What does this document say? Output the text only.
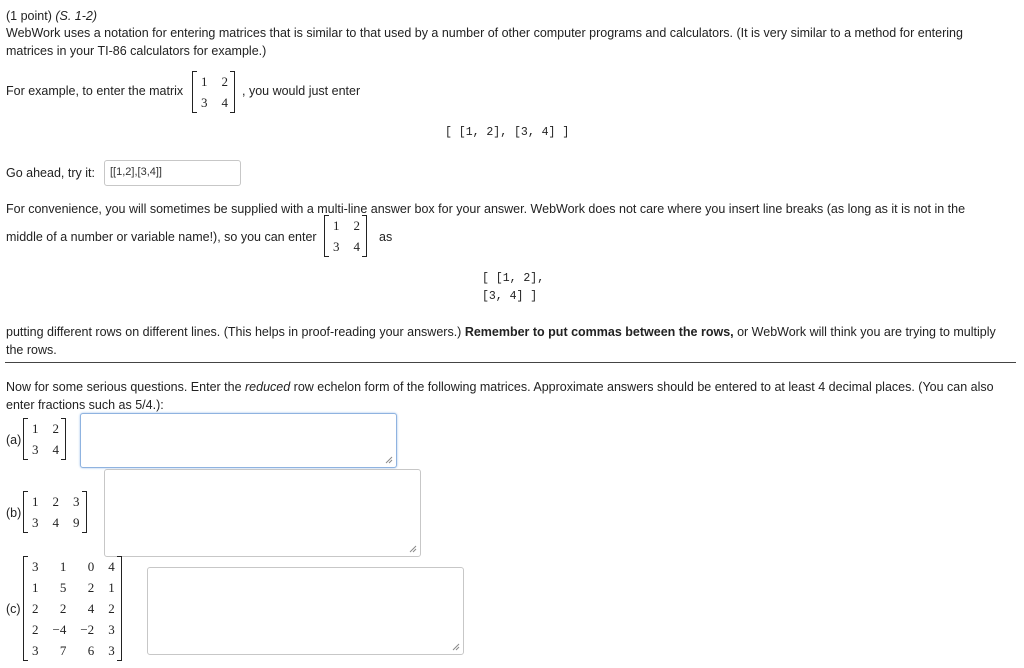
(1 point) (S. 1-2)
WebWork uses a notation for entering matrices that is similar to that used by a number of other computer programs and calculators. (It is very similar to a method for entering
matrices in your TI-86 calculators for example.)
For example, to enter the matrix
1	2
3	4
, you would just enter
[ [1, 2], [3, 4] ]
Go ahead, try it:	[[1,2],[3,4]]
For convenience, you will sometimes be supplied with a multi-line answer box for your answer. WebWork does not care where you insert line breaks (as long as it is not in the
middle of a number or variable name!), so you can enter
1	2
3	4
as
[ [1, 2],
[3, 4] ]
putting different rows on different lines. (This helps in proof-reading your answers.) Remember to put commas between the rows, or WebWork will think you are trying to multiply
the rows.
Now for some serious questions. Enter the reduced row echelon form of the following matrices. Approximate answers should be entered to at least 4 decimal places. (You can also
enter fractions such as 5/4.):
(a)
1	2
3	4
(b)
1	2	3
3	4	9
(c)
3	1	0	4
1	5	2	1
2	2	4	2
2	−4	−2	3
3	7	6	3
